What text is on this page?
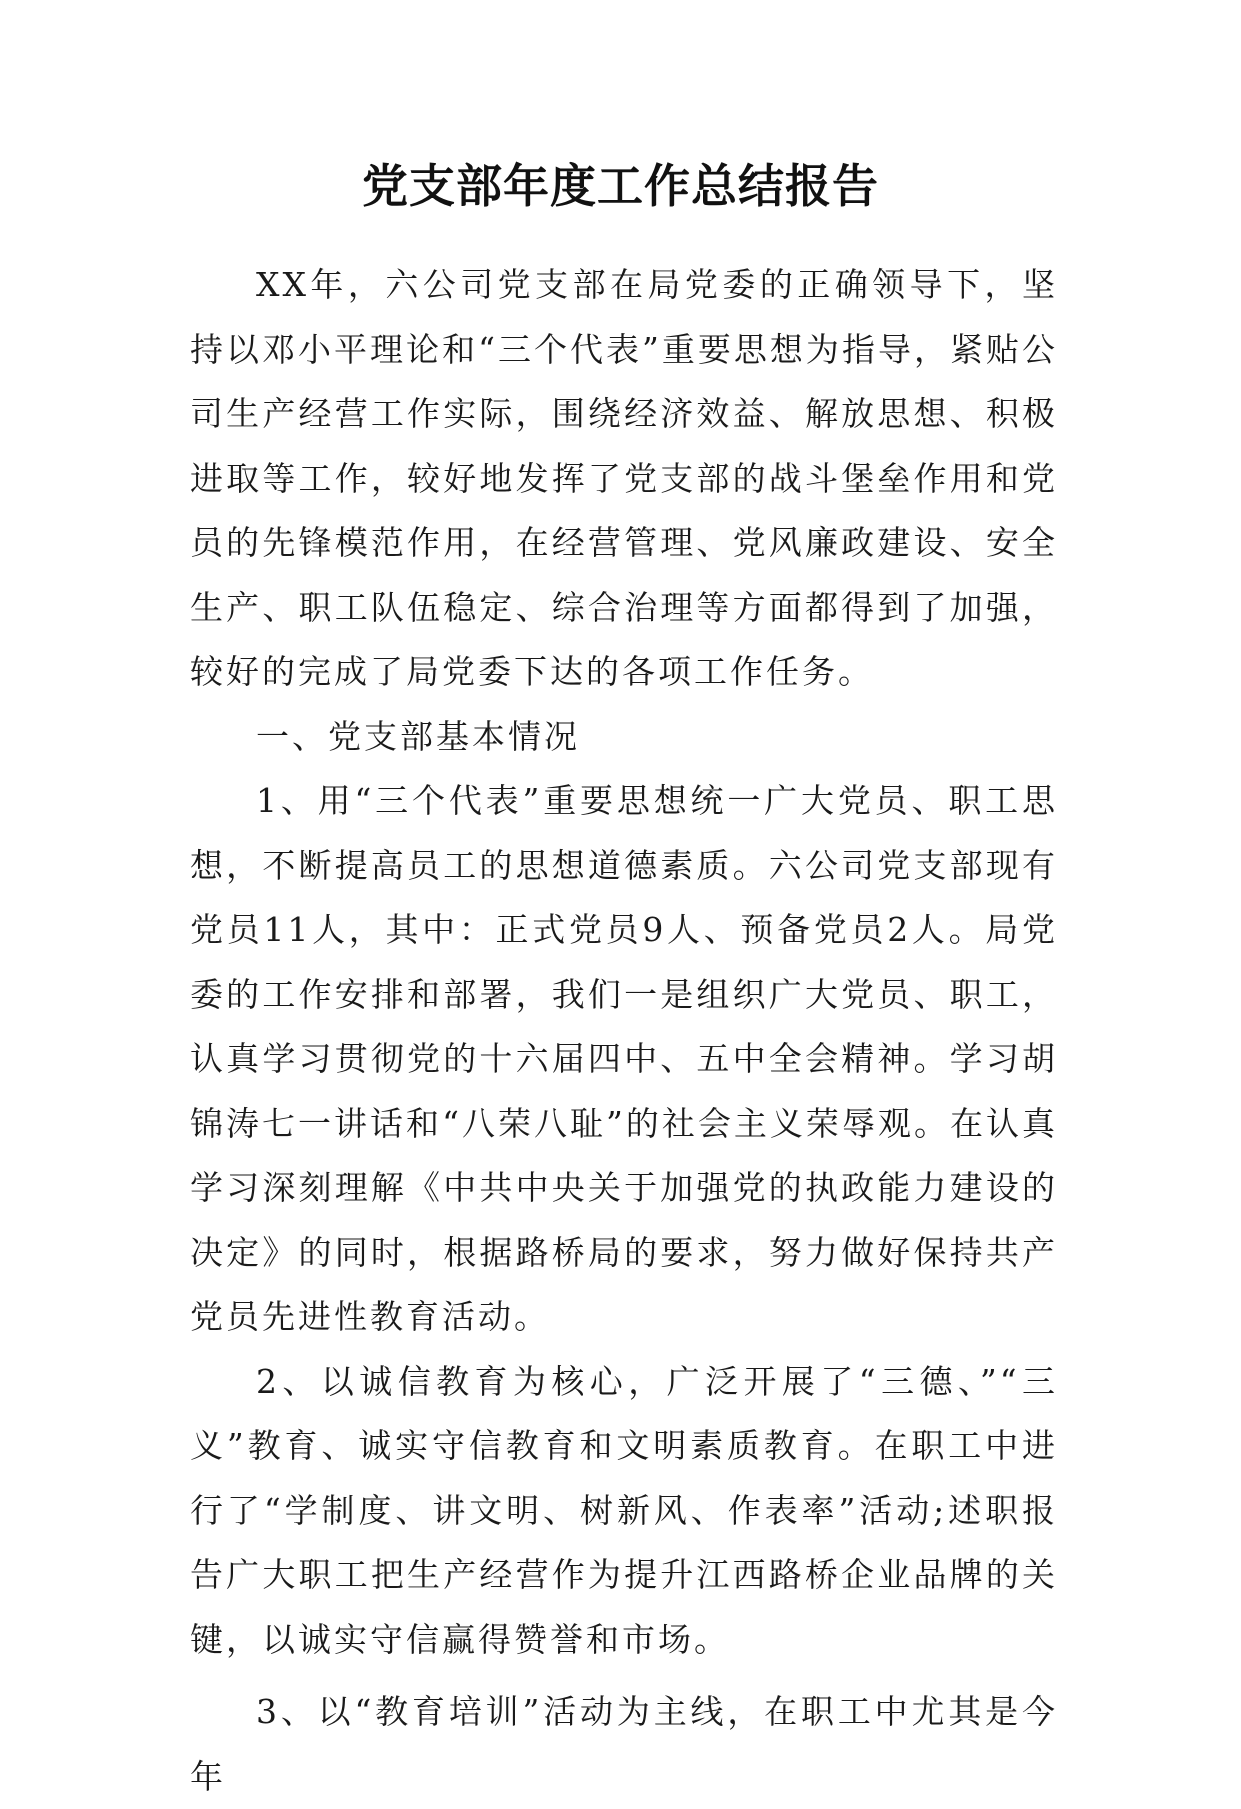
党支部年度工作总结报告

XX年，六公司党支部在局党委的正确领导下，坚持以邓小平理论和“三个代表”重要思想为指导，紧贴公司生产经营工作实际，围绕经济效益、解放思想、积极进取等工作，较好地发挥了党支部的战斗堡垒作用和党员的先锋模范作用，在经营管理、党风廉政建设、安全生产、职工队伍稳定、综合治理等方面都得到了加强，较好的完成了局党委下达的各项工作任务。

一、党支部基本情况

1、用“三个代表”重要思想统一广大党员、职工思想，不断提高员工的思想道德素质。六公司党支部现有党员11人，其中：正式党员9人、预备党员2人。局党委的工作安排和部署，我们一是组织广大党员、职工，认真学习贯彻党的十六届四中、五中全会精神。学习胡锦涛七一讲话和“八荣八耻”的社会主义荣辱观。在认真学习深刻理解《中共中央关于加强党的执政能力建设的决定》的同时，根据路桥局的要求，努力做好保持共产党员先进性教育活动。

2、以诚信教育为核心，广泛开展了“三德、”“三义”教育、诚实守信教育和文明素质教育。在职工中进行了“学制度、讲文明、树新风、作表率”活动;述职报告广大职工把生产经营作为提升江西路桥企业品牌的关键，以诚实守信赢得赞誉和市场。

3、以“教育培训”活动为主线，在职工中尤其是今年
